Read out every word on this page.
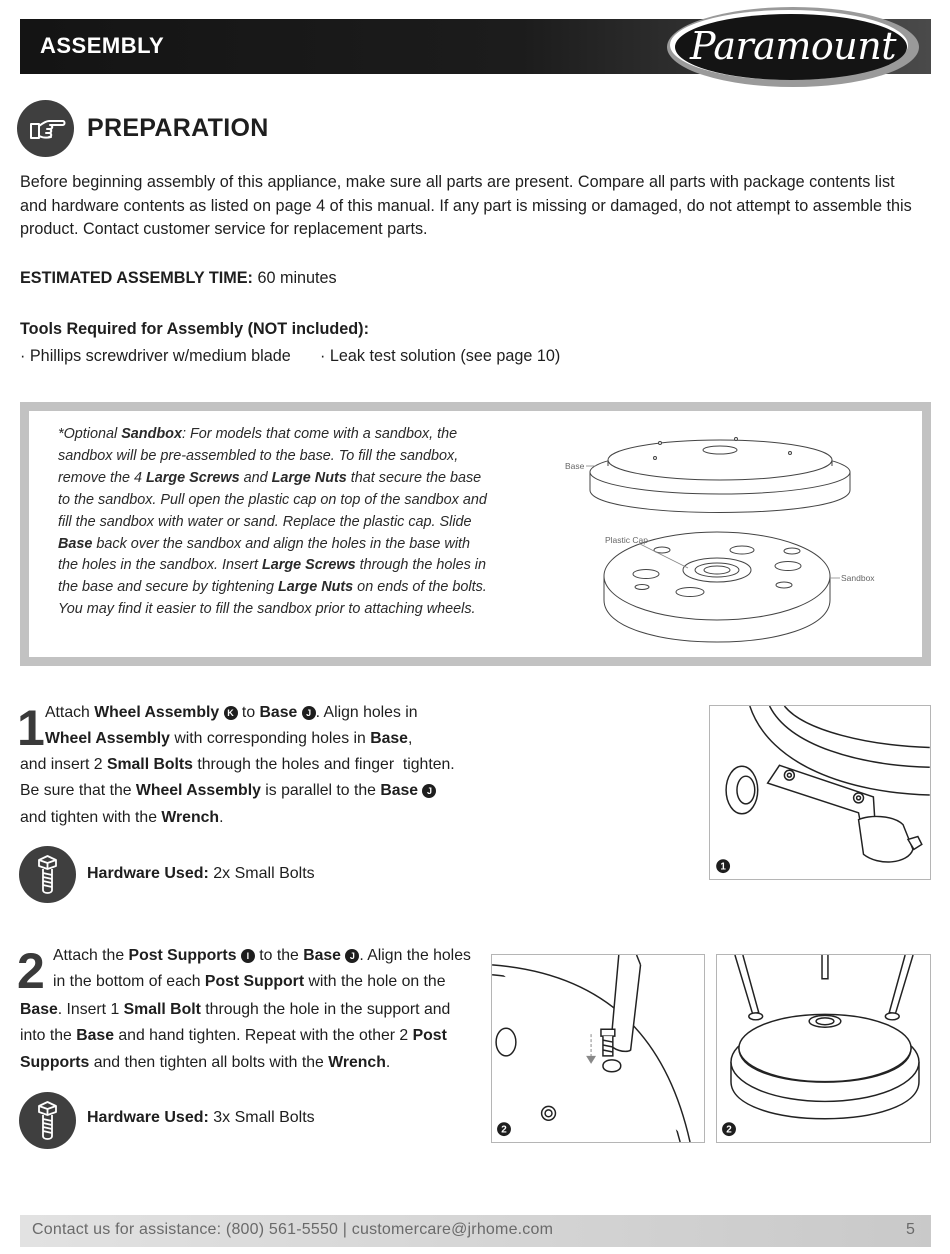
ASSEMBLY	Paramount
PREPARATION
Before beginning assembly of this appliance, make sure all parts are present. Compare all parts with package contents list and hardware contents as listed on page 4 of this manual. If any part is missing or damaged, do not attempt to assemble this product. Contact customer service for replacement parts.
ESTIMATED ASSEMBLY TIME: 60 minutes
Tools Required for Assembly (NOT included):
· Phillips screwdriver w/medium blade · Leak test solution (see page 10)
*Optional Sandbox: For models that come with a sandbox, the sandbox will be pre-assembled to the base. To fill the sandbox, remove the 4 Large Screws and Large Nuts that secure the base to the sandbox. Pull open the plastic cap on top of the sandbox and fill the sandbox with water or sand. Replace the plastic cap. Slide Base back over the sandbox and align the holes in the base with the holes in the sandbox. Insert Large Screws through the holes in the base and secure by tightening Large Nuts on ends of the bolts. You may find it easier to fill the sandbox prior to attaching wheels.
Base
Plastic Cap
Sandbox
1 Attach Wheel Assembly K to Base J . Align holes in
Wheel Assembly with corresponding holes in Base,
and insert 2 Small Bolts through the holes and finger  tighten.
Be sure that the Wheel Assembly is parallel to the Base J
and tighten with the Wrench.
Hardware Used: 2x Small Bolts	1
2 Attach the Post Supports I to the Base J . Align the holes
in the bottom of each Post Support with the hole on the
Base. Insert 1 Small Bolt through the hole in the support and
into the Base and hand tighten. Repeat with the other 2 Post
Supports and then tighten all bolts with the Wrench.
Hardware Used: 3x Small Bolts
2	2
Contact us for assistance: (800) 561-5550 | customercare@jrhome.com	5
